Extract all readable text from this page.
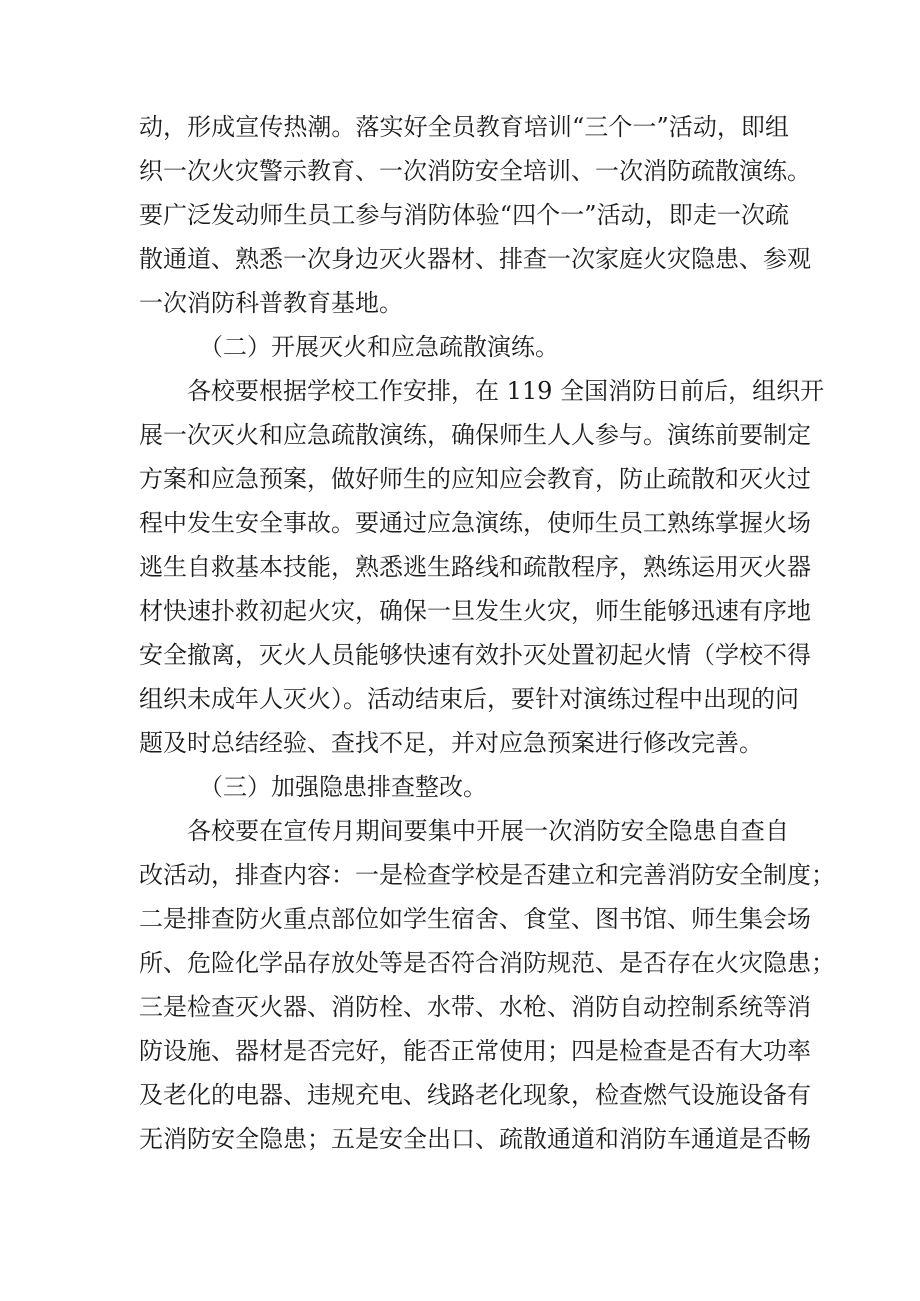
动，形成宣传热潮。落实好全员教育培训“三个一”活动，即组
织一次火灾警示教育、一次消防安全培训、一次消防疏散演练。
要广泛发动师生员工参与消防体验“四个一”活动，即走一次疏
散通道、熟悉一次身边灭火器材、排查一次家庭火灾隐患、参观
一次消防科普教育基地。
（二）开展灭火和应急疏散演练。
各校要根据学校工作安排，在 119 全国消防日前后，组织开
展一次灭火和应急疏散演练，确保师生人人参与。演练前要制定
方案和应急预案，做好师生的应知应会教育，防止疏散和灭火过
程中发生安全事故。要通过应急演练，使师生员工熟练掌握火场
逃生自救基本技能，熟悉逃生路线和疏散程序，熟练运用灭火器
材快速扑救初起火灾，确保一旦发生火灾，师生能够迅速有序地
安全撤离，灭火人员能够快速有效扑灭处置初起火情（学校不得
组织未成年人灭火）。活动结束后，要针对演练过程中出现的问
题及时总结经验、查找不足，并对应急预案进行修改完善。
（三）加强隐患排查整改。
各校要在宣传月期间要集中开展一次消防安全隐患自查自
改活动，排查内容：一是检查学校是否建立和完善消防安全制度；
二是排查防火重点部位如学生宿舍、食堂、图书馆、师生集会场
所、危险化学品存放处等是否符合消防规范、是否存在火灾隐患；
三是检查灭火器、消防栓、水带、水枪、消防自动控制系统等消
防设施、器材是否完好，能否正常使用；四是检查是否有大功率
及老化的电器、违规充电、线路老化现象，检查燃气设施设备有
无消防安全隐患；五是安全出口、疏散通道和消防车通道是否畅
